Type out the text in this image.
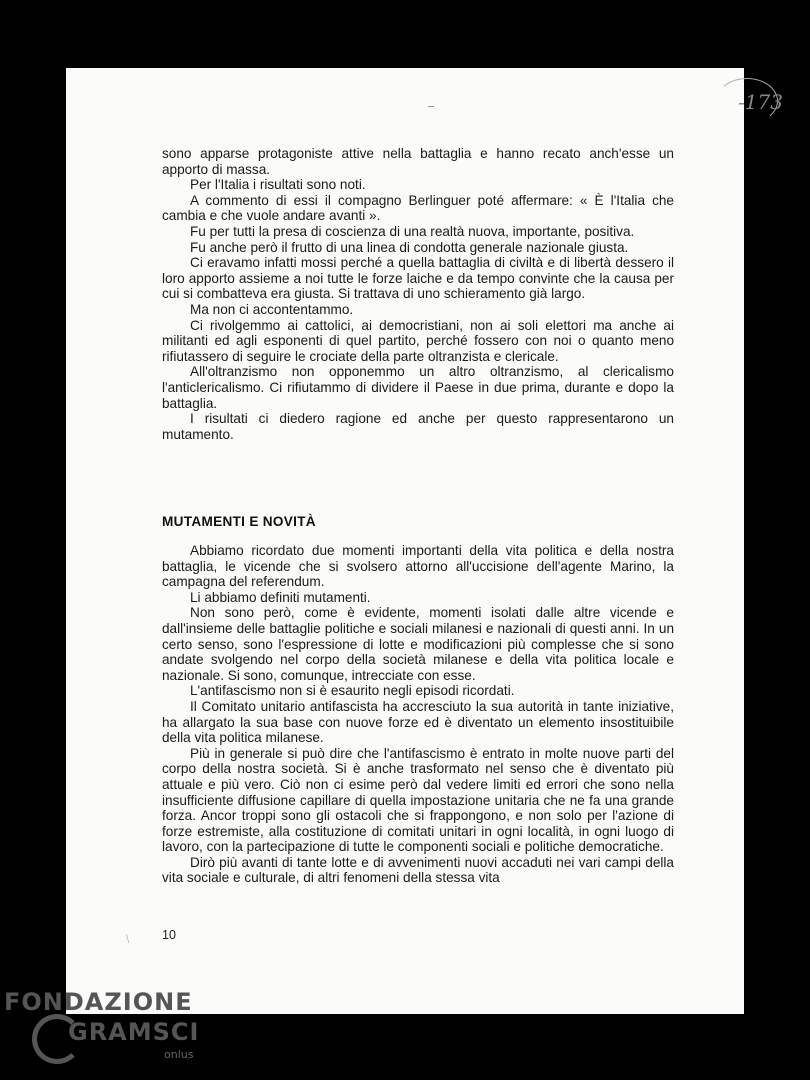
-173

sono apparse protagoniste attive nella battaglia e hanno recato anch'esse un apporto di massa.

Per l'Italia i risultati sono noti.

A commento di essi il compagno Berlinguer poté affermare: « È l'Italia che cambia e che vuole andare avanti ».

Fu per tutti la presa di coscienza di una realtà nuova, importante, positiva.

Fu anche però il frutto di una linea di condotta generale nazionale giusta.

Ci eravamo infatti mossi perché a quella battaglia di civiltà e di libertà dessero il loro apporto assieme a noi tutte le forze laiche e da tempo convinte che la causa per cui si combatteva era giusta. Si trattava di uno schieramento già largo.

Ma non ci accontentammo.

Ci rivolgemmo ai cattolici, ai democristiani, non ai soli elettori ma anche ai militanti ed agli esponenti di quel partito, perché fossero con noi o quanto meno rifiutassero di seguire le crociate della parte oltranzista e clericale.

All'oltranzismo non opponemmo un altro oltranzismo, al clericalismo l'anticlericalismo. Ci rifiutammo di dividere il Paese in due prima, durante e dopo la battaglia.

I risultati ci diedero ragione ed anche per questo rappresentarono un mutamento.

MUTAMENTI E NOVITÀ

Abbiamo ricordato due momenti importanti della vita politica e della nostra battaglia, le vicende che si svolsero attorno all'uccisione dell'agente Marino, la campagna del referendum.

Li abbiamo definiti mutamenti.

Non sono però, come è evidente, momenti isolati dalle altre vicende e dall'insieme delle battaglie politiche e sociali milanesi e nazionali di questi anni. In un certo senso, sono l'espressione di lotte e modificazioni più complesse che si sono andate svolgendo nel corpo della società milanese e della vita politica locale e nazionale. Si sono, comunque, intrecciate con esse.

L'antifascismo non si è esaurito negli episodi ricordati.

Il Comitato unitario antifascista ha accresciuto la sua autorità in tante iniziative, ha allargato la sua base con nuove forze ed è diventato un elemento insostituibile della vita politica milanese.

Più in generale si può dire che l'antifascismo è entrato in molte nuove parti del corpo della nostra società. Si è anche trasformato nel senso che è diventato più attuale e più vero. Ciò non ci esime però dal vedere limiti ed errori che sono nella insufficiente diffusione capillare di quella impostazione unitaria che ne fa una grande forza. Ancor troppi sono gli ostacoli che si frappongono, e non solo per l'azione di forze estremiste, alla costituzione di comitati unitari in ogni località, in ogni luogo di lavoro, con la partecipazione di tutte le componenti sociali e politiche democratiche.

Dirò più avanti di tante lotte e di avvenimenti nuovi accaduti nei vari campi della vita sociale e culturale, di altri fenomeni della stessa vita

\	10
FONDAZIONE
GRAMSCI
onlus
